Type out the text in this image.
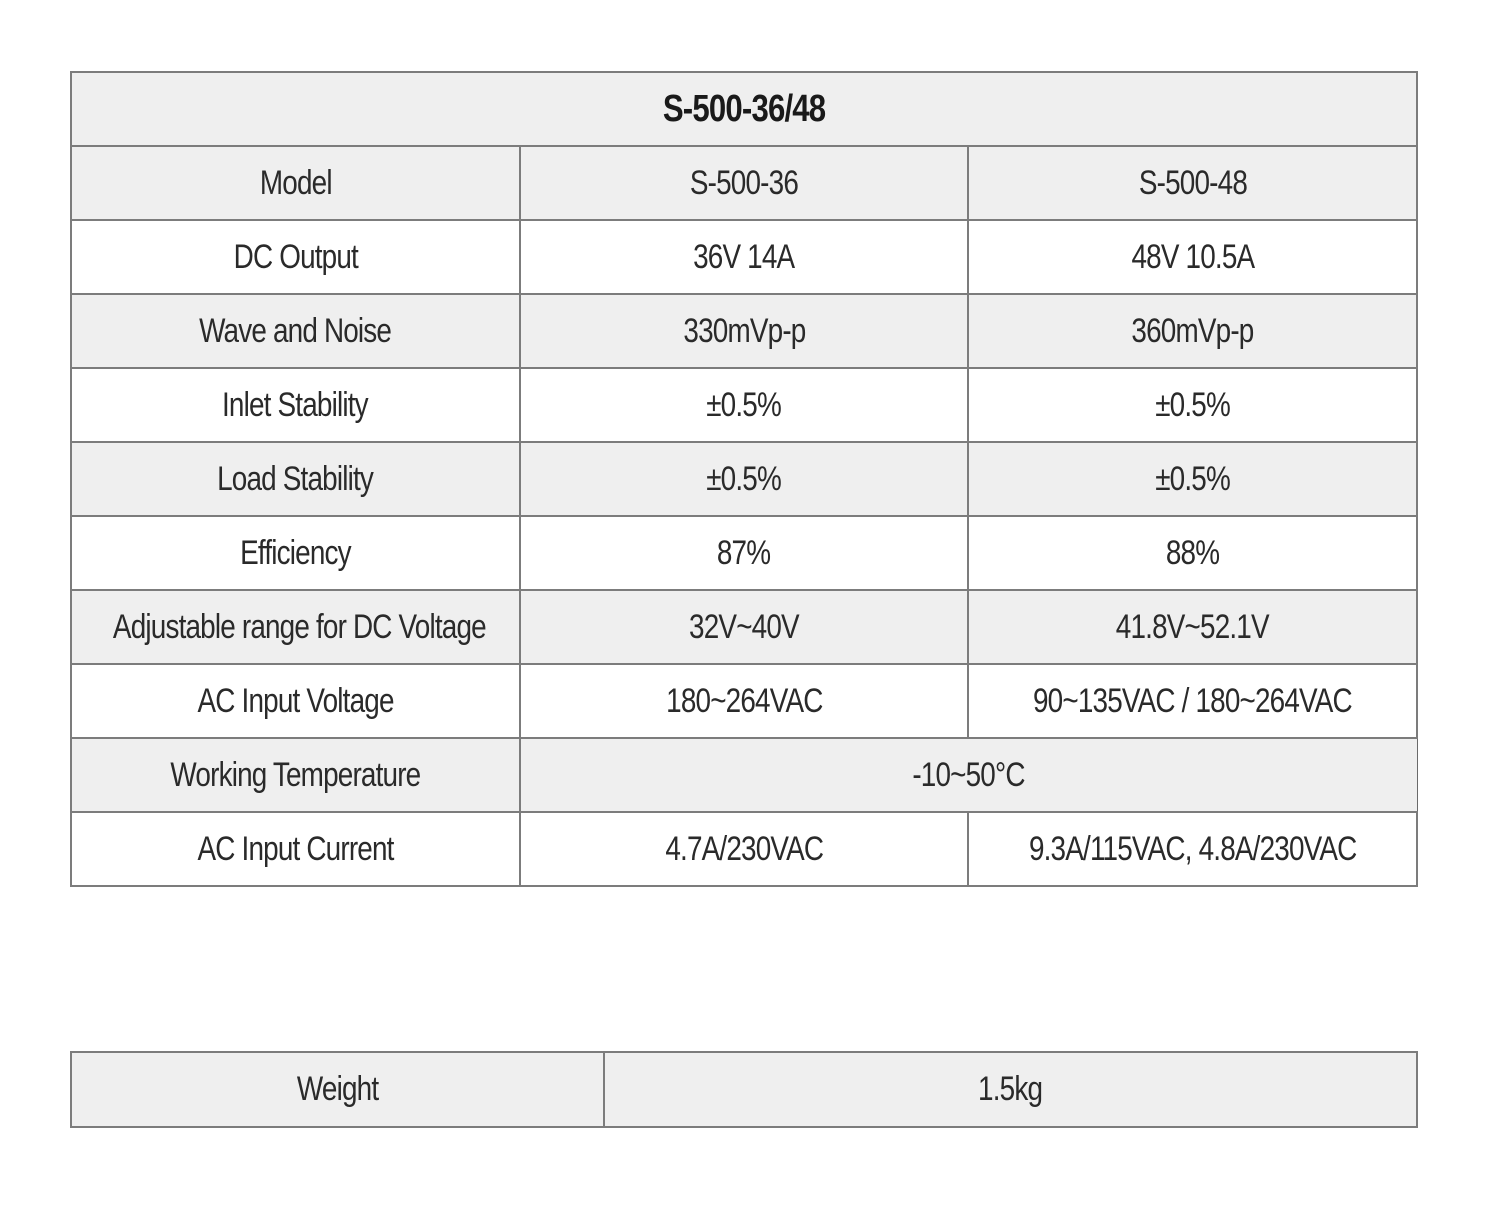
S-500-36/48		
Model	S-500-36	S-500-48
DC Output	36V 14A	48V 10.5A
Wave and Noise	330mVp-p	360mVp-p
Inlet Stability	±0.5%	±0.5%
Load Stability	±0.5%	±0.5%
Efficiency	87%	88%
Adjustable range for DC Voltage	32V~40V	41.8V~52.1V
AC Input Voltage	180~264VAC	90~135VAC / 180~264VAC
Working Temperature	-10~50°C	
AC Input Current	4.7A/230VAC	9.3A/115VAC, 4.8A/230VAC
Weight	1.5kg
